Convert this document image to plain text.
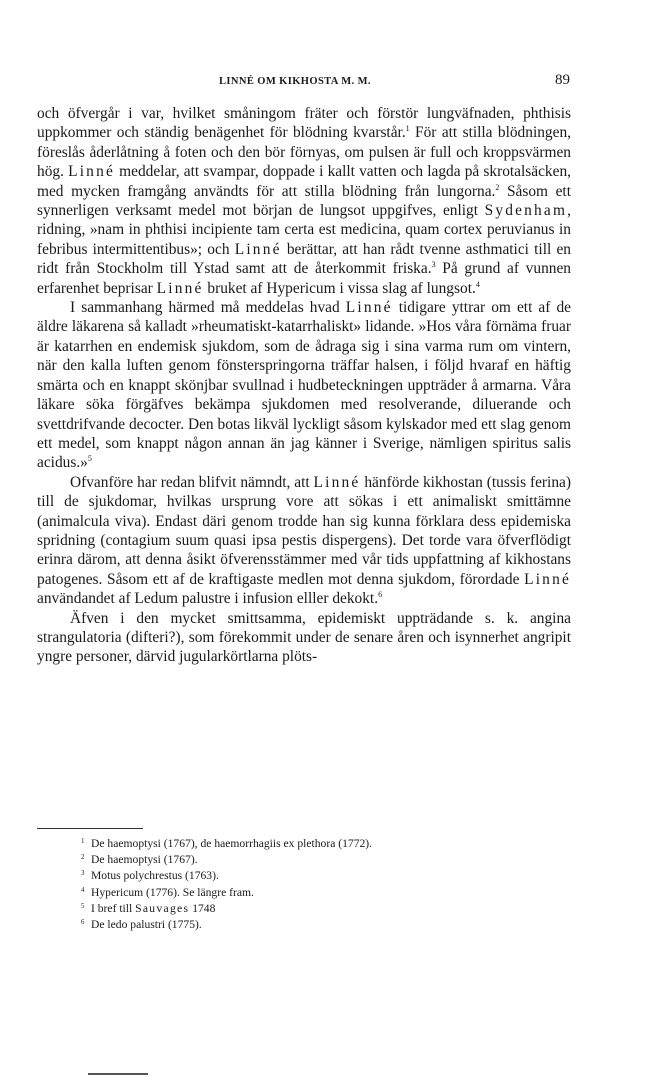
LINNÉ OM KIKHOSTA M. M.	89

och öfvergår i var, hvilket småningom fräter och förstör lungväfnaden, phthisis uppkommer och ständig benägenhet för blödning kvarstår.$^1$ För att stilla blödningen, föreslås åderlåtning å foten och den bör förnyas, om pulsen är full och kroppsvärmen hög. Linné meddelar, att svampar, doppade i kallt vatten och lagda på skrotalsäcken, med mycken framgång användts för att stilla blödning från lungorna.$^2$ Såsom ett synnerligen verksamt medel mot början de lungsot uppgifves, enligt Sydenham, ridning, »nam in phthisi incipiente tam certa est medicina, quam cortex peruvianus in febribus intermittentibus»; och Linné berättar, att han rådt tvenne asthmatici till en ridt från Stockholm till Ystad samt att de återkommit friska.$^3$ På grund af vunnen erfarenhet beprisar Linné bruket af Hypericum i vissa slag af lungsot.$^4$

I sammanhang härmed må meddelas hvad Linné tidigare yttrar om ett af de äldre läkarena så kalladt »rheumatiskt-katarrhaliskt» lidande. »Hos våra förnäma fruar är katarrhen en endemisk sjukdom, som de ådraga sig i sina varma rum om vintern, när den kalla luften genom fönsterspringorna träffar halsen, i följd hvaraf en häftig smärta och en knappt skönjbar svullnad i hudbeteckningen uppträder å armarna. Våra läkare söka förgäfves bekämpa sjukdomen med resolverande, diluerande och svettdrifvande decocter. Den botas likväl lyckligt såsom kylskador med ett slag genom ett medel, som knappt någon annan än jag känner i Sverige, nämligen spiritus salis acidus.»$^5$

Ofvanföre har redan blifvit nämndt, att Linné hänförde kikhostan (tussis ferina) till de sjukdomar, hvilkas ursprung vore att sökas i ett animaliskt smittämne (animalcula viva). Endast däri genom trodde han sig kunna förklara dess epidemiska spridning (contagium suum quasi ipsa pestis dispergens). Det torde vara öfverflödigt erinra därom, att denna åsikt öfverensstämmer med vår tids uppfattning af kikhostans patogenes. Såsom ett af de kraftigaste medlen mot denna sjukdom, förordade Linné användandet af Ledum palustre i infusion elller dekokt.$^6$

Äfven i den mycket smittsamma, epidemiskt uppträdande s. k. angina strangulatoria (difteri?), som förekommit under de senare åren och isynnerhet angripit yngre personer, därvid jugularkörtlarna plöts-

1 De haemoptysi (1767), de haemorrhagiis ex plethora (1772).
2 De haemoptysi (1767).
3 Motus polychrestus (1763).
4 Hypericum (1776). Se längre fram.
5 I bref till Sauvages 1748
6 De ledo palustri (1775).
